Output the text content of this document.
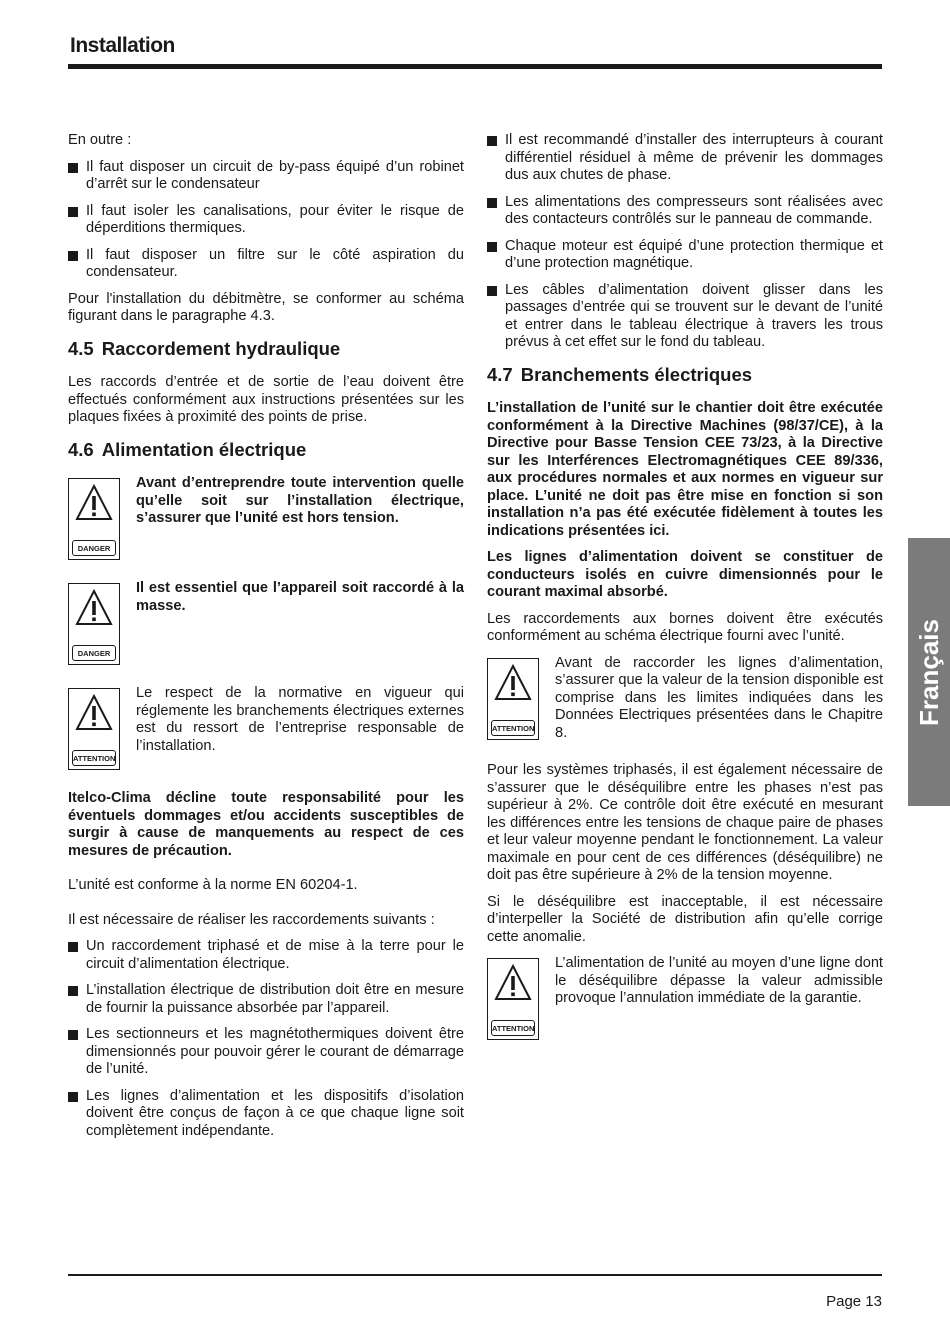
Installation
Français

En outre :

Il faut disposer un circuit de by-pass équipé d’un robinet d’arrêt sur le condensateur
Il faut isoler les canalisations, pour éviter le risque de déperditions thermiques.
Il faut disposer un filtre sur le côté aspiration du condensateur.

Pour l'installation du débitmètre, se conformer au schéma figurant dans le paragraphe 4.3.

4.5 Raccordement hydraulique

Les raccords d’entrée et de sortie de l’eau doivent être effectués conformément aux instructions présentées sur les plaques fixées à proximité des points de prise.

4.6 Alimentation électrique
DANGER
Avant d’entreprendre toute intervention quelle qu’elle soit sur l’installation électrique, s’assurer que l’unité est hors tension.
DANGER
Il est essentiel que l’appareil soit raccordé à la masse.
ATTENTION
Le respect de la normative en vigueur qui réglemente les branchements électriques externes est du ressort de l’entreprise responsable de l’installation.

Itelco-Clima décline toute responsabilité pour les éventuels dommages et/ou accidents susceptibles de surgir à cause de manquements au respect de ces mesures de précaution.

L’unité est conforme à la norme EN 60204-1.

Il est nécessaire de réaliser les raccordements suivants :

Un raccordement triphasé et de mise à la terre pour le circuit d’alimentation électrique.
L’installation électrique de distribution doit être en mesure de fournir la puissance absorbée par l’appareil.
Les sectionneurs et les magnétothermiques doivent être dimensionnés pour pouvoir gérer le courant de démarrage de l’unité.
Les lignes d’alimentation et les dispositifs d’isolation doivent être conçus de façon à ce que chaque ligne soit complètement indépendante.
Il est recommandé d’installer des interrupteurs à courant différentiel résiduel à même de prévenir les dommages dus aux chutes de phase.
Les alimentations des compresseurs sont réalisées avec des contacteurs contrôlés sur le panneau de commande.
Chaque moteur est équipé d’une protection thermique et d’une protection magnétique.
Les câbles d’alimentation doivent glisser dans les passages d’entrée qui se trouvent sur le devant de l’unité et entrer dans le tableau électrique à travers les trous prévus à cet effet sur le fond du tableau.
4.7 Branchements électriques

L’installation de l’unité sur le chantier doit être exécutée conformément à la Directive Machines (98/37/CE), à la Directive pour Basse Tension CEE 73/23, à la Directive sur les Interférences Electromagnétiques CEE 89/336, aux procédures normales et aux normes en vigueur sur place. L’unité ne doit pas être mise en fonction si son installation n’a pas été exécutée fidèlement à toutes les indications présentées ici.

Les lignes d’alimentation doivent se constituer de conducteurs isolés en cuivre dimensionnés pour le courant maximal absorbé.

Les raccordements aux bornes doivent être exécutés conformément au schéma électrique fourni avec l’unité.

ATTENTION
Avant de raccorder les lignes d’alimentation, s’assurer que la valeur de la tension disponible est comprise dans les limites indiquées dans les Données Electriques présentées dans le Chapitre 8.

Pour les systèmes triphasés, il est également nécessaire de s’assurer que le déséquilibre entre les phases n’est pas supérieur à 2%. Ce contrôle doit être exécuté en mesurant les différences entre les tensions de chaque paire de phases et leur valeur moyenne pendant le fonctionnement. La valeur maximale en pour cent de ces différences (déséquilibre) ne doit pas être supérieure à 2% de la tension moyenne.

Si le déséquilibre est inacceptable, il est nécessaire d’interpeller la Société de distribution afin qu’elle corrige cette anomalie.

ATTENTION
L’alimentation de l’unité au moyen d’une ligne dont le déséquilibre dépasse la valeur admissible provoque l’annulation immédiate de la garantie.
Page 13
